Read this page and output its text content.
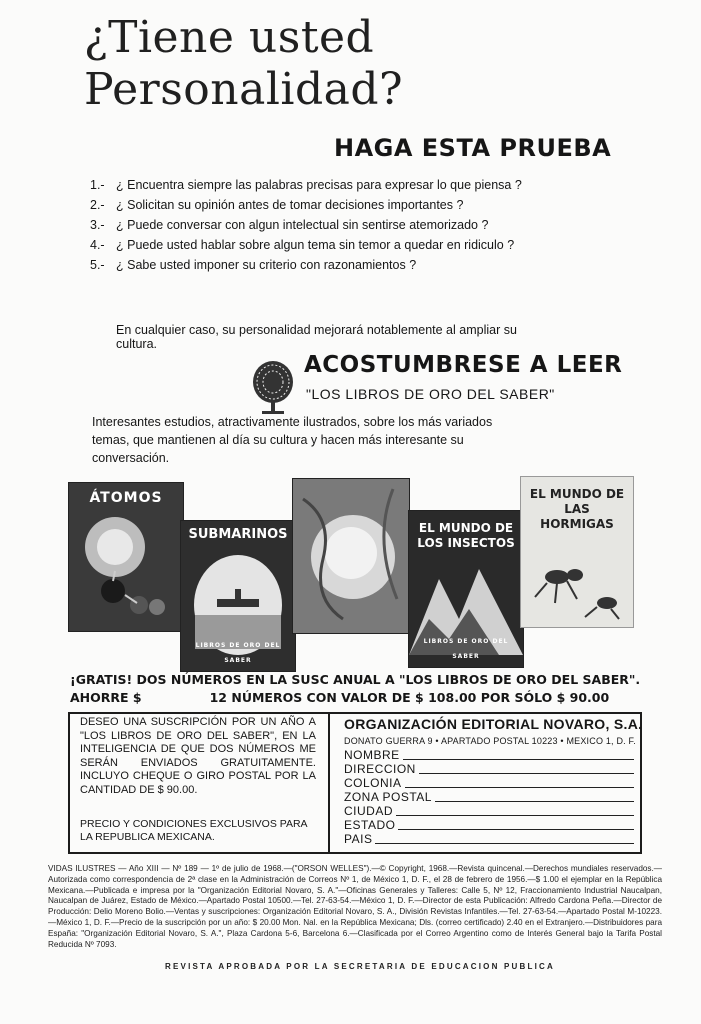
¿Tiene usted
Personalidad?
HAGA ESTA PRUEBA
1.- ¿ Encuentra siempre las palabras precisas para expresar lo que piensa ?
2.- ¿ Solicitan su opinión antes de tomar decisiones importantes ?
3.- ¿ Puede conversar con algun intelectual sin sentirse atemorizado ?
4.- ¿ Puede usted hablar sobre algun tema sin temor a quedar en ridiculo ?
5.- ¿ Sabe usted imponer su criterio con razonamientos ?
En cualquier caso, su personalidad mejorará notablemente al ampliar su cultura.
ACOSTUMBRESE A LEER
"LOS LIBROS DE ORO DEL SABER"
Interesantes estudios, atractivamente ilustrados, sobre los más variados temas, que mantienen al día su cultura y hacen más interesante su conversación.
ÁTOMOS
SUBMARINOS
LIBROS DE ORO DEL SABER
EL MUNDO DE LOS INSECTOS
LIBROS DE ORO DEL SABER
EL MUNDO DE LAS HORMIGAS
¡GRATIS! DOS NÚMEROS EN LA SUSC ANUAL A "LOS LIBROS DE ORO DEL SABER".
AHORRE $	12 NÚMEROS CON VALOR DE $ 108.00 POR SÓLO $ 90.00
DESEO UNA SUSCRIPCIÓN POR UN AÑO A "LOS LIBROS DE ORO DEL SABER", EN LA INTELIGENCIA DE QUE DOS NÚMEROS ME SERÁN ENVIADOS GRATUITAMENTE. INCLUYO CHEQUE O GIRO POSTAL POR LA CANTIDAD DE $ 90.00.
PRECIO Y CONDICIONES EXCLUSIVOS PARA LA REPUBLICA MEXICANA.
ORGANIZACIÓN EDITORIAL NOVARO, S.A.
DONATO GUERRA 9 • APARTADO POSTAL 10223 • MEXICO 1, D. F.
NOMBRE
DIRECCION
COLONIA
ZONA POSTAL
CIUDAD
ESTADO
PAIS
VIDAS ILUSTRES — Año XIII — Nº 189 — 1º de julio de 1968.—("ORSON WELLES").—© Copyright, 1968.—Revista quincenal.—Derechos mundiales reservados.—Autorizada como correspondencia de 2ª clase en la Administración de Correos Nº 1, de México 1, D. F., el 28 de febrero de 1956.—$ 1.00 el ejemplar en la República Mexicana.—Publicada e impresa por la "Organización Editorial Novaro, S. A."—Oficinas Generales y Talleres: Calle 5, Nº 12, Fraccionamiento Industrial Naucalpan, Naucalpan de Juárez, Estado de México.—Apartado Postal 10500.—Tel. 27-63-54.—México 1, D. F.—Director de esta Publicación: Alfredo Cardona Peña.—Director de Producción: Delio Moreno Bolio.—Ventas y suscripciones: Organización Editorial Novaro, S. A., División Revistas Infantiles.—Tel. 27-63-54.—Apartado Postal M-10223.—México 1, D. F.—Precio de la suscripción por un año: $ 20.00 Mon. Nal. en la República Mexicana; Dls. (correo certificado) 2.40 en el Extranjero.—Distribuidores para España: "Organización Editorial Novaro, S. A.", Plaza Cardona 5-6, Barcelona 6.—Clasificada por el Correo Argentino como de Interés General bajo la Tarifa Postal Reducida Nº 7093.
REVISTA APROBADA POR LA SECRETARIA DE EDUCACION PUBLICA
